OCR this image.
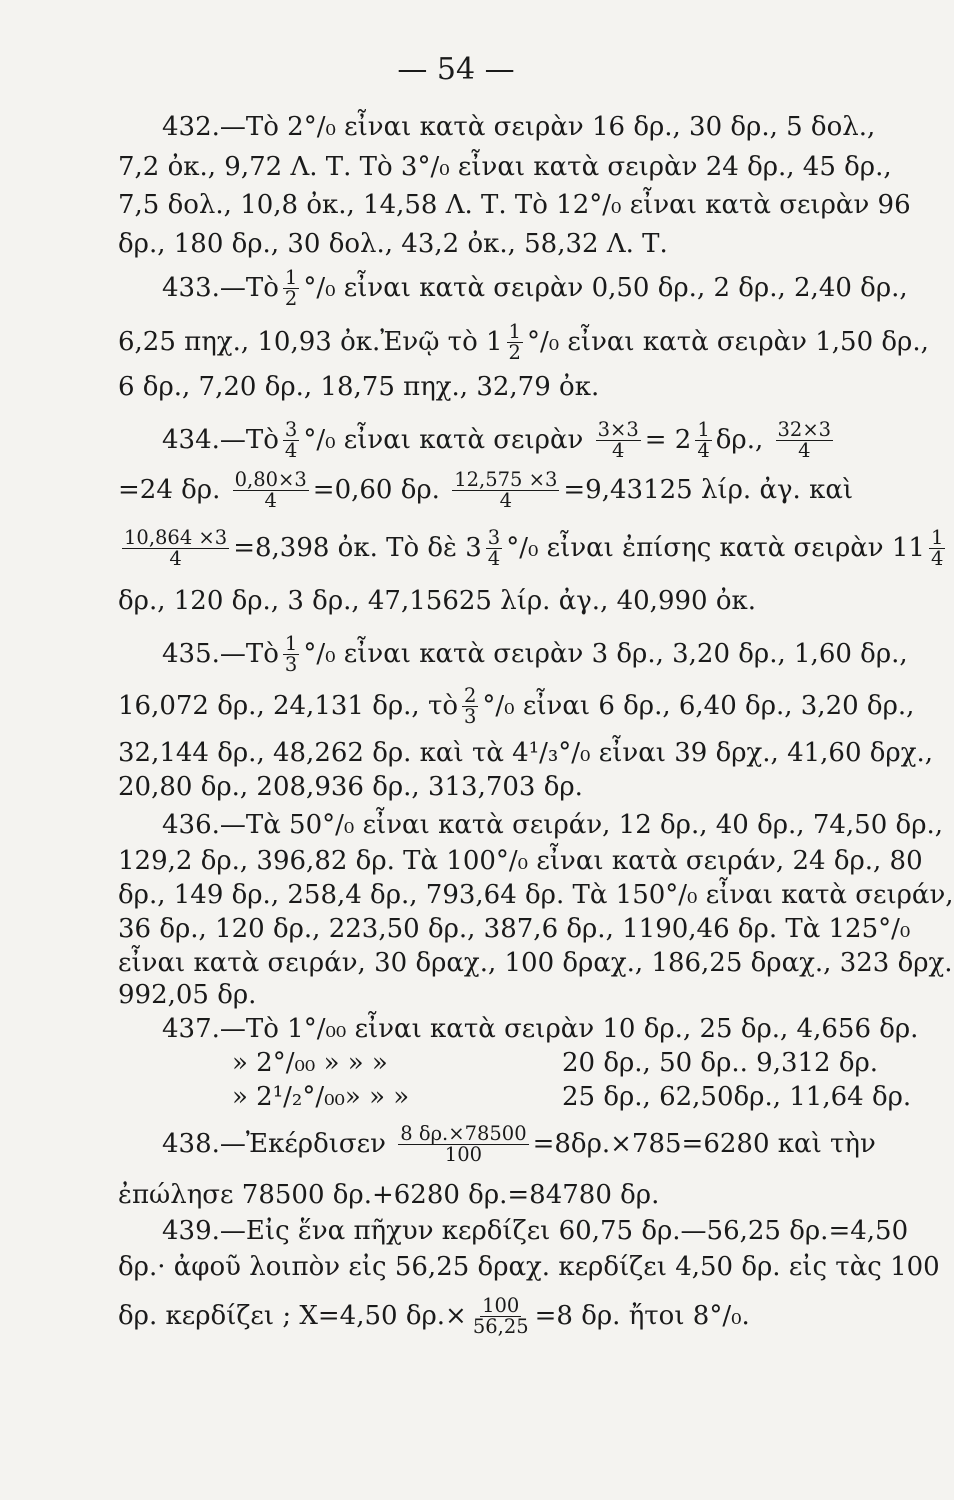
— 54 —
432.—Τὸ 2°/₀ εἶναι κατὰ σειρὰν 16 δρ., 30 δρ., 5 δολ.,
7,2 ὀκ., 9,72 Λ. Τ. Τὸ 3°/₀ εἶναι κατὰ σειρὰν 24 δρ., 45 δρ.,
7,5 δολ., 10,8 ὀκ., 14,58 Λ. Τ. Τὸ 12°/₀ εἶναι κατὰ σειρὰν 96
δρ., 180 δρ., 30 δολ., 43,2 ὀκ., 58,32 Λ. Τ.
433.—Τὸ $\frac{1}{2} ^\circ/_0$ εἶναι κατὰ σειρὰν 0,50 δρ., 2 δρ., 2,40 δρ.,
6,25 πηχ., 10,93 ὀκ.Ἐνῷ τὸ $1 \frac{1}{2} ^\circ/_0$ εἶναι κατὰ σειρὰν 1,50 δρ.,
6 δρ., 7,20 δρ., 18,75 πηχ., 32,79 ὀκ.
434.—Τὸ $\frac{3}{4} ^\circ/_0$ εἶναι κατὰ σειρὰν $\frac{3\times 3}{4} = 2 \frac{1}{4} \delta\rho$., $\frac{32\times 3}{4}$
=24 δρ. $\frac{0,80\times 3}{4} =0,60$ δρ. $\frac{12,575 \times 3}{4} =9,43125$ λίρ. ἀγ. καὶ
$\frac{10,864 \times 3}{4} =8,398$ ὀκ. Τὸ δὲ $3 \frac{3}{4} ^\circ/_0$ εἶναι ἐπίσης κατὰ σειρὰν $11 \frac{1}{4}$
δρ., 120 δρ., 3 δρ., 47,15625 λίρ. ἀγ., 40,990 ὀκ.
435.—Τὸ $\frac{1}{3} ^\circ/_0$ εἶναι κατὰ σειρὰν 3 δρ., 3,20 δρ., 1,60 δρ.,
16,072 δρ., 24,131 δρ., τὸ $\frac{2}{3} ^\circ/_0$ εἶναι 6 δρ., 6,40 δρ., 3,20 δρ.,
32,144 δρ., 48,262 δρ. καὶ τὰ 4¹/₃°/₀ εἶναι 39 δρχ., 41,60 δρχ.,
20,80 δρ., 208,936 δρ., 313,703 δρ.
436.—Τὰ 50°/₀ εἶναι κατὰ σειράν, 12 δρ., 40 δρ., 74,50 δρ.,
129,2 δρ., 396,82 δρ. Τὰ 100°/₀ εἶναι κατὰ σειράν, 24 δρ., 80
δρ., 149 δρ., 258,4 δρ., 793,64 δρ. Τὰ 150°/₀ εἶναι κατὰ σειράν,
36 δρ., 120 δρ., 223,50 δρ., 387,6 δρ., 1190,46 δρ. Τὰ 125°/₀
εἶναι κατὰ σειράν, 30 δραχ., 100 δραχ., 186,25 δραχ., 323 δρχ.
992,05 δρ.
437.—Τὸ 1°/₀₀ εἶναι κατὰ σειρὰν 10 δρ., 25 δρ., 4,656 δρ.
» 2°/₀₀ » » »	20 δρ., 50 δρ.. 9,312 δρ.
» 2¹/₂°/₀₀» » »	25 δρ., 62,50δρ., 11,64 δρ.
438.—Ἐκέρδισεν $\frac{8 \delta\rho.\times 78500}{100} =8\delta\rho.\times 785=6280$ καὶ τὴν
ἐπώλησε 78500 δρ.+6280 δρ.=84780 δρ.
439.—Εἰς ἕνα πῆχυν κερδίζει 60,75 δρ.—56,25 δρ.=4,50
δρ.· ἀφοῦ λοιπὸν εἰς 56,25 δραχ. κερδίζει 4,50 δρ. εἰς τὰς 100
δρ. κερδίζει ; Χ=4,50 $\delta\rho.\times \frac{100}{56,25} =8$ δρ. ἤτοι 8°/₀.
